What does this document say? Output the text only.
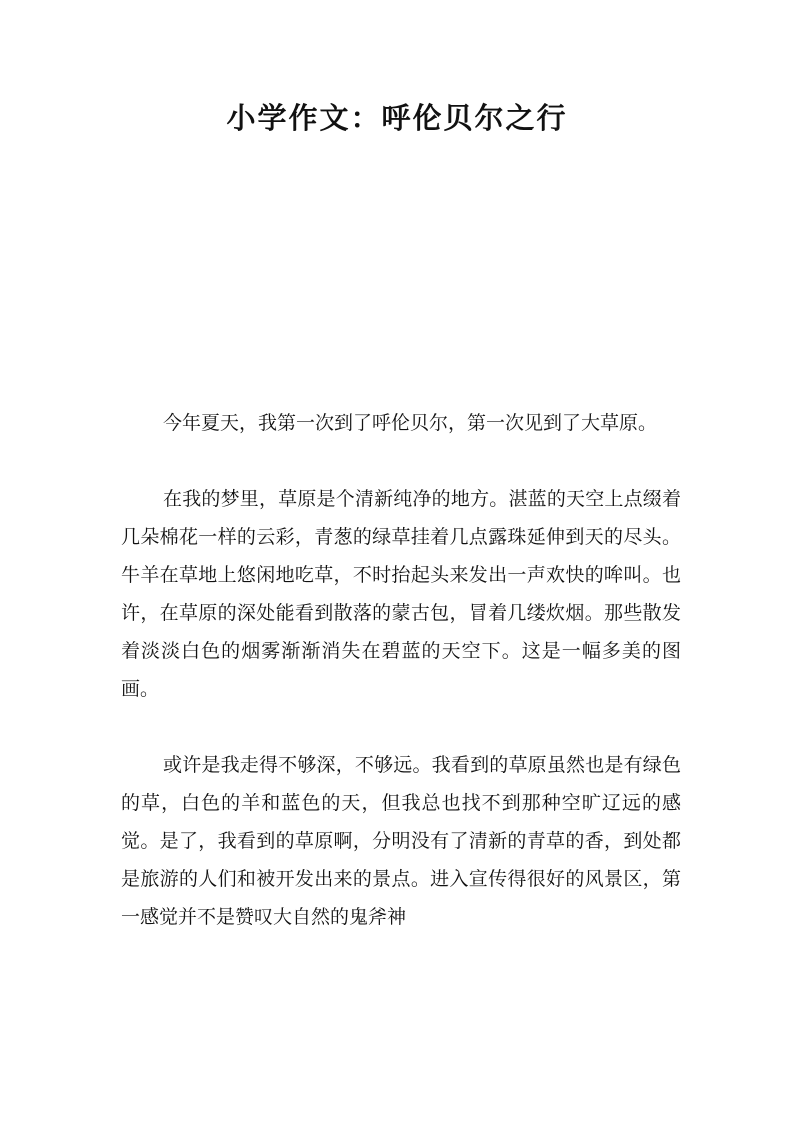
小学作文：呼伦贝尔之行

今年夏天，我第一次到了呼伦贝尔，第一次见到了大草原。

在我的梦里，草原是个清新纯净的地方。湛蓝的天空上点缀着几朵棉花一样的云彩，青葱的绿草挂着几点露珠延伸到天的尽头。牛羊在草地上悠闲地吃草，不时抬起头来发出一声欢快的哞叫。也许，在草原的深处能看到散落的蒙古包，冒着几缕炊烟。那些散发着淡淡白色的烟雾渐渐消失在碧蓝的天空下。这是一幅多美的图画。

或许是我走得不够深，不够远。我看到的草原虽然也是有绿色的草，白色的羊和蓝色的天，但我总也找不到那种空旷辽远的感觉。是了，我看到的草原啊，分明没有了清新的青草的香，到处都是旅游的人们和被开发出来的景点。进入宣传得很好的风景区，第一感觉并不是赞叹大自然的鬼斧神
